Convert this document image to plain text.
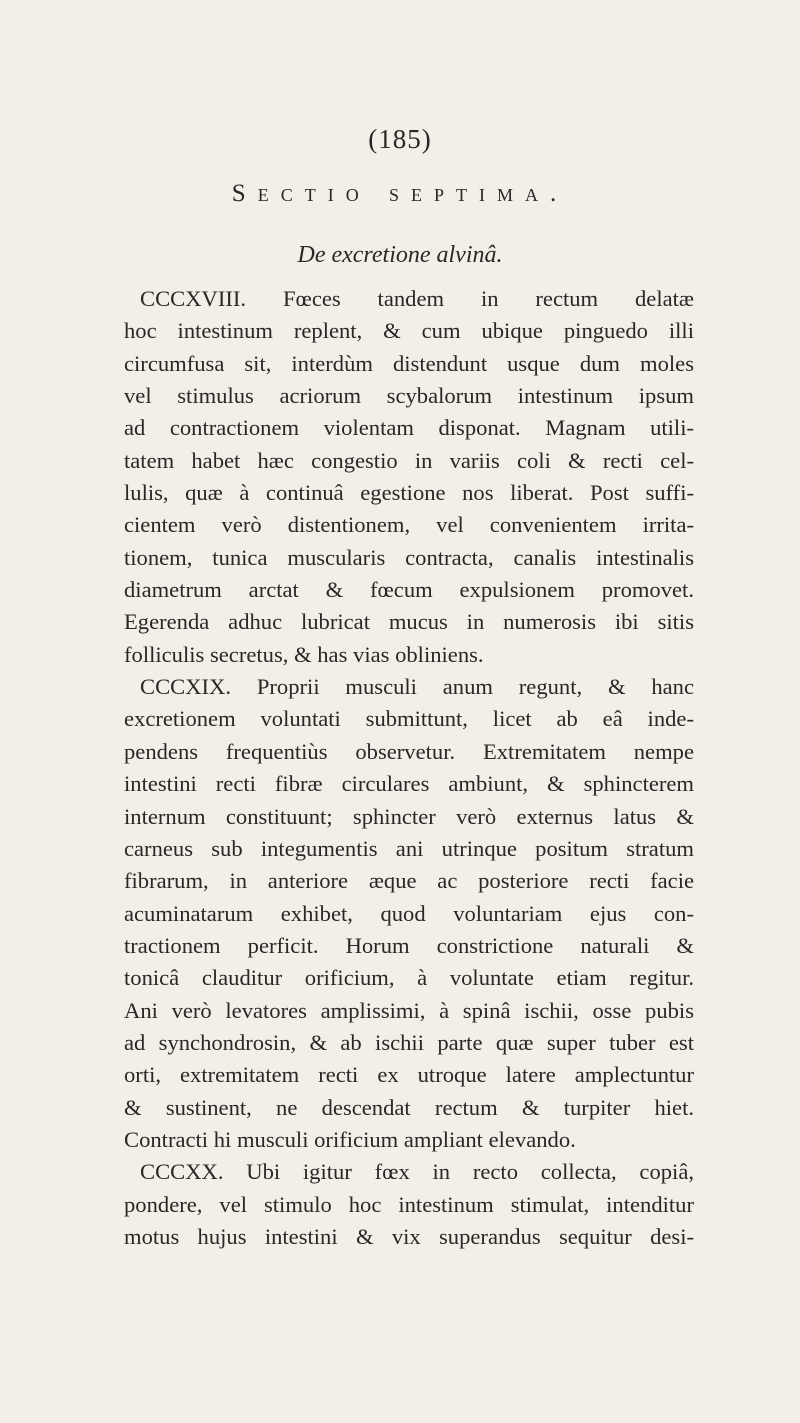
(185)
Sectio septima.
De excretione alvinâ.
CCCXVIII. Fœces tandem in rectum delatæ
hoc intestinum replent, & cum ubique pinguedo illi
circumfusa sit, interdùm distendunt usque dum moles
vel stimulus acriorum scybalorum intestinum ipsum
ad contractionem violentam disponat. Magnam utili-
tatem habet hæc congestio in variis coli & recti cel-
lulis, quæ à continuâ egestione nos liberat. Post suffi-
cientem verò distentionem, vel convenientem irrita-
tionem, tunica muscularis contracta, canalis intestinalis
diametrum arctat & fœcum expulsionem promovet.
Egerenda adhuc lubricat mucus in numerosis ibi sitis
folliculis secretus, & has vias obliniens.
CCCXIX. Proprii musculi anum regunt, & hanc
excretionem voluntati submittunt, licet ab eâ inde-
pendens frequentiùs observetur. Extremitatem nempe
intestini recti fibræ circulares ambiunt, & sphincterem
internum constituunt; sphincter verò externus latus &
carneus sub integumentis ani utrinque positum stratum
fibrarum, in anteriore æque ac posteriore recti facie
acuminatarum exhibet, quod voluntariam ejus con-
tractionem perficit. Horum constrictione naturali &
tonicâ clauditur orificium, à voluntate etiam regitur.
Ani verò levatores amplissimi, à spinâ ischii, osse pubis
ad synchondrosin, & ab ischii parte quæ super tuber est
orti, extremitatem recti ex utroque latere amplectuntur
& sustinent, ne descendat rectum & turpiter hiet.
Contracti hi musculi orificium ampliant elevando.
CCCXX. Ubi igitur fœx in recto collecta, copiâ,
pondere, vel stimulo hoc intestinum stimulat, intenditur
motus hujus intestini & vix superandus sequitur desi-
